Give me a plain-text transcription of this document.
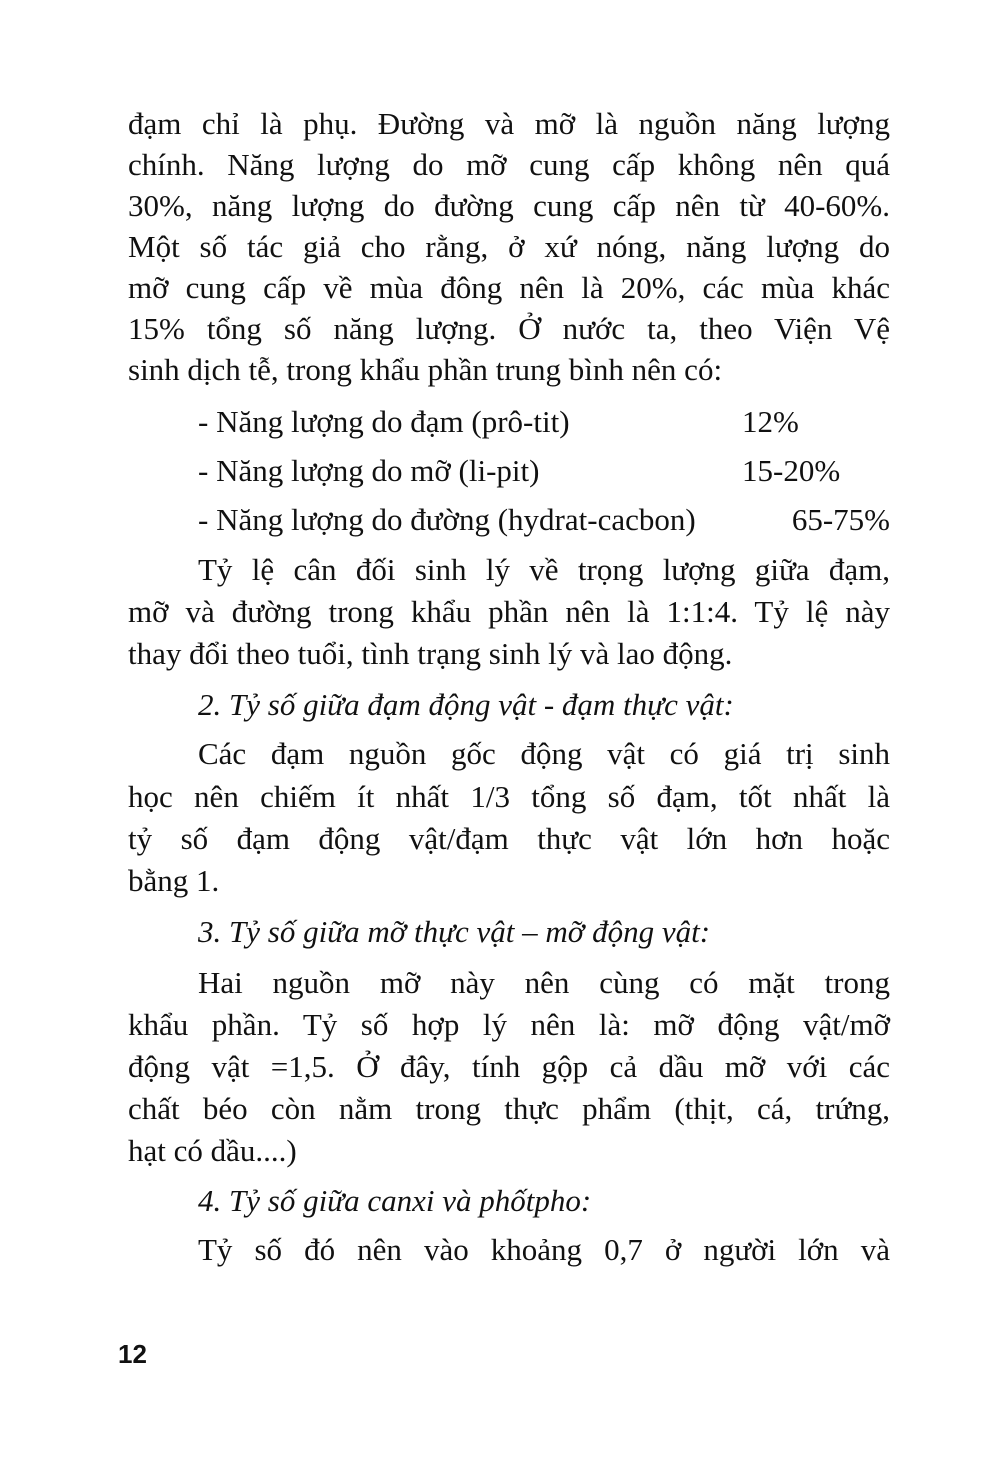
đạm chỉ là phụ. Đường và mỡ là nguồn năng lượng
chính. Năng lượng do mỡ cung cấp không nên quá
30%, năng lượng do đường cung cấp nên từ 40-60%.
Một số tác giả cho rằng, ở xứ nóng, năng lượng do
mỡ cung cấp về mùa đông nên là 20%, các mùa khác
15% tổng số năng lượng. Ở nước ta, theo Viện Vệ
sinh dịch tễ, trong khẩu phần trung bình nên có:
- Năng lượng do đạm (prô-tit)	12%
- Năng lượng do mỡ (li-pit)	15-20%
- Năng lượng do đường (hydrat-cacbon)	65-75%
Tỷ lệ cân đối sinh lý về trọng lượng giữa đạm,
mỡ và đường trong khẩu phần nên là 1:1:4. Tỷ lệ này
thay đổi theo tuổi, tình trạng sinh lý và lao động.
2. Tỷ số giữa đạm động vật - đạm thực vật:
Các đạm nguồn gốc động vật có giá trị sinh
học nên chiếm ít nhất 1/3 tổng số đạm, tốt nhất là
tỷ số đạm động vật/đạm thực vật lớn hơn hoặc
bằng 1.
3. Tỷ số giữa mỡ thực vật – mỡ động vật:
Hai nguồn mỡ này nên cùng có mặt trong
khẩu phần. Tỷ số hợp lý nên là: mỡ động vật/mỡ
động vật =1,5. Ở đây, tính gộp cả dầu mỡ với các
chất béo còn nằm trong thực phẩm (thịt, cá, trứng,
hạt có dầu....)
4. Tỷ số giữa canxi và phốtpho:
Tỷ số đó nên vào khoảng 0,7 ở người lớn và
12
